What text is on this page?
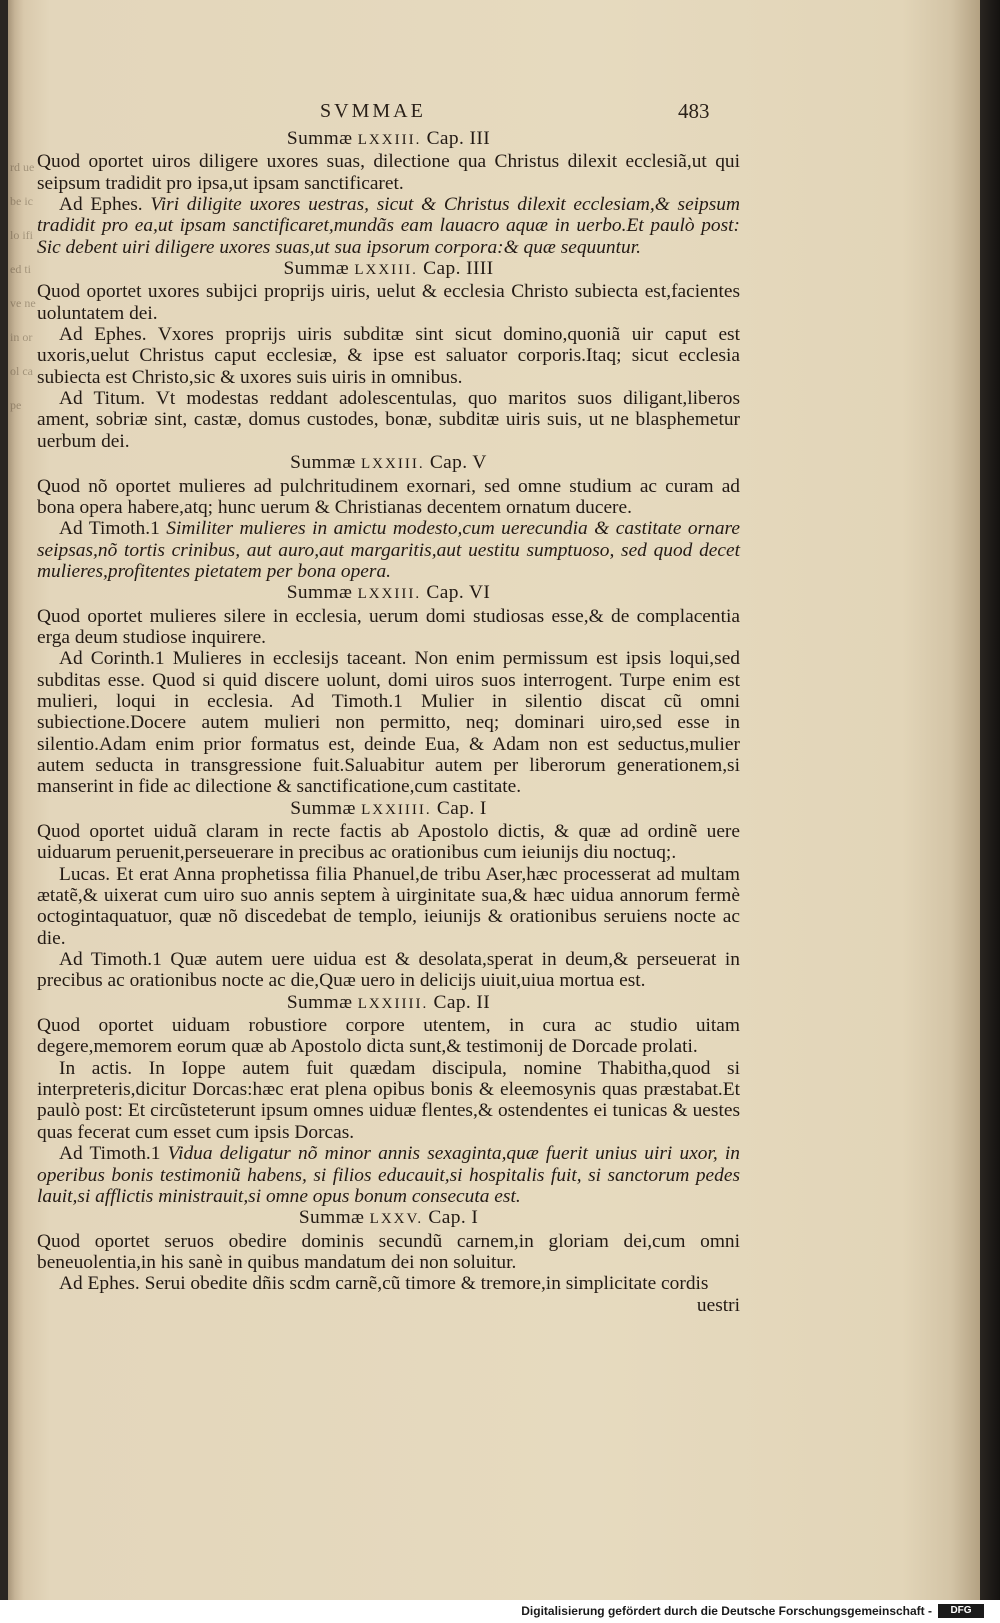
rd ue be ic lo ifi ed ti ve ne in or ol ca pe
SVMMAE	483
Summæ LXXIII. Cap. III
Quod oportet uiros diligere uxores suas, dilectione qua Christus dilexit ecclesiã,ut qui seipsum tradidit pro ipsa,ut ipsam sanctificaret.
Ad Ephes. Viri diligite uxores uestras, sicut & Christus dilexit ecclesiam,& seipsum tradidit pro ea,ut ipsam sanctificaret,mundãs eam lauacro aquæ in uerbo.Et paulò post: Sic debent uiri diligere uxores suas,ut sua ipsorum corpora:& quæ sequuntur.
Summæ LXXIII. Cap. IIII
Quod oportet uxores subijci proprijs uiris, uelut & ecclesia Christo subiecta est,facientes uoluntatem dei.
Ad Ephes. Vxores proprijs uiris subditæ sint sicut domino,quoniã uir caput est uxoris,uelut Christus caput ecclesiæ, & ipse est saluator corporis.Itaq; sicut ecclesia subiecta est Christo,sic & uxores suis uiris in omnibus.
Ad Titum. Vt modestas reddant adolescentulas, quo maritos suos diligant,liberos ament, sobriæ sint, castæ, domus custodes, bonæ, subditæ uiris suis, ut ne blasphemetur uerbum dei.
Summæ LXXIII. Cap. V
Quod nõ oportet mulieres ad pulchritudinem exornari, sed omne studium ac curam ad bona opera habere,atq; hunc uerum & Christianas decentem ornatum ducere.
Ad Timoth.1 Similiter mulieres in amictu modesto,cum uerecundia & castitate ornare seipsas,nõ tortis crinibus, aut auro,aut margaritis,aut uestitu sumptuoso, sed quod decet mulieres,profitentes pietatem per bona opera.
Summæ LXXIII. Cap. VI
Quod oportet mulieres silere in ecclesia, uerum domi studiosas esse,& de complacentia erga deum studiose inquirere.
Ad Corinth.1 Mulieres in ecclesijs taceant. Non enim permissum est ipsis loqui,sed subditas esse. Quod si quid discere uolunt, domi uiros suos interrogent. Turpe enim est mulieri, loqui in ecclesia. Ad Timoth.1 Mulier in silentio discat cũ omni subiectione.Docere autem mulieri non permitto, neq; dominari uiro,sed esse in silentio.Adam enim prior formatus est, deinde Eua, & Adam non est seductus,mulier autem seducta in transgressione fuit.Saluabitur autem per liberorum generationem,si manserint in fide ac dilectione & sanctificatione,cum castitate.
Summæ LXXIIII. Cap. I
Quod oportet uiduã claram in recte factis ab Apostolo dictis, & quæ ad ordinẽ uere uiduarum peruenit,perseuerare in precibus ac orationibus cum ieiunijs diu noctuq;.
Lucas. Et erat Anna prophetissa filia Phanuel,de tribu Aser,hæc processerat ad multam ætatẽ,& uixerat cum uiro suo annis septem à uirginitate sua,& hæc uidua annorum fermè octogintaquatuor, quæ nõ discedebat de templo, ieiunijs & orationibus seruiens nocte ac die.
Ad Timoth.1 Quæ autem uere uidua est & desolata,sperat in deum,& perseuerat in precibus ac orationibus nocte ac die,Quæ uero in delicijs uiuit,uiua mortua est.
Summæ LXXIIII. Cap. II
Quod oportet uiduam robustiore corpore utentem, in cura ac studio uitam degere,memorem eorum quæ ab Apostolo dicta sunt,& testimonij de Dorcade prolati.
In actis. In Ioppe autem fuit quædam discipula, nomine Thabitha,quod si interpreteris,dicitur Dorcas:hæc erat plena opibus bonis & eleemosynis quas præstabat.Et paulò post: Et circũsteterunt ipsum omnes uiduæ flentes,& ostendentes ei tunicas & uestes quas fecerat cum esset cum ipsis Dorcas.
Ad Timoth.1 Vidua deligatur nõ minor annis sexaginta,quæ fuerit unius uiri uxor, in operibus bonis testimoniũ habens, si filios educauit,si hospitalis fuit, si sanctorum pedes lauit,si afflictis ministrauit,si omne opus bonum consecuta est.
Summæ LXXV. Cap. I
Quod oportet seruos obedire dominis secundũ carnem,in gloriam dei,cum omni beneuolentia,in his sanè in quibus mandatum dei non soluitur.
Ad Ephes. Serui obedite dñis scdm carnẽ,cũ timore & tremore,in simplicitate cordis
uestri
Digitalisierung gefördert durch die Deutsche Forschungsgemeinschaft -	DFG
